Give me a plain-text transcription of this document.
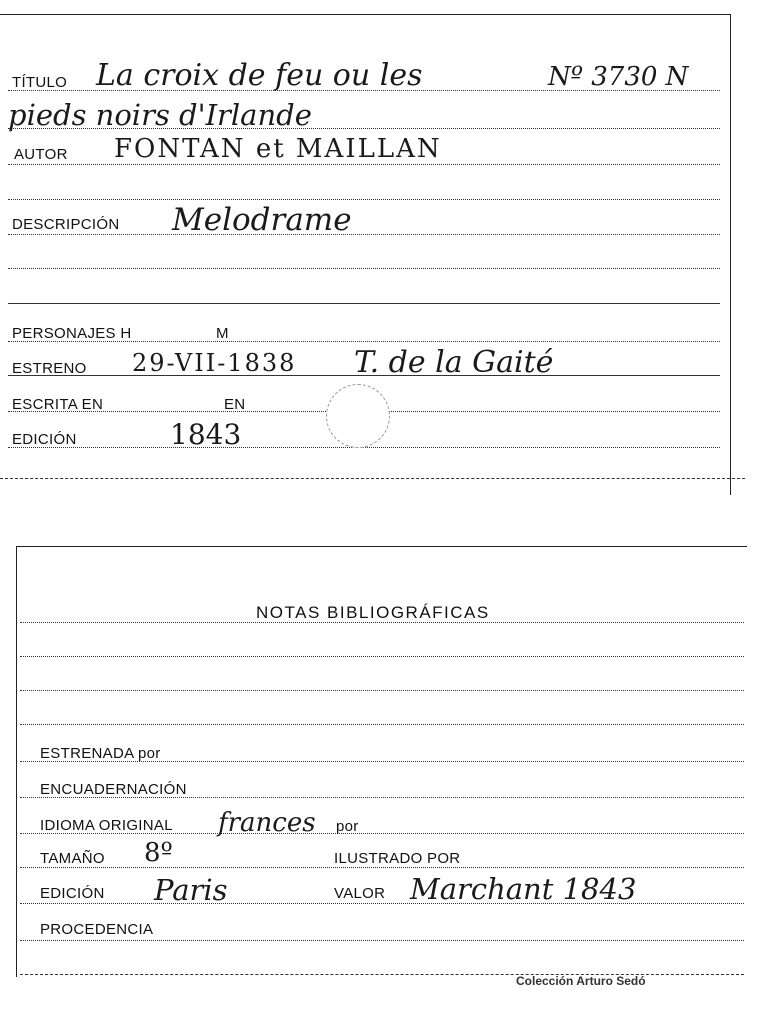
TÍTULO La croix de feu ou les	Nº 3730 N
pieds noirs d'Irlande
AUTOR FONTAN et MAILLAN
DESCRIPCIÓN Melodrame
PERSONAJES H	M
ESTRENO 29-VII-1838 T. de la Gaité
ESCRITA EN	EN
EDICIÓN	1843
NOTAS BIBLIOGRÁFICAS
ESTRENADA por
ENCUADERNACIÓN
IDIOMA ORIGINAL frances por
TAMAÑO 8º	ILUSTRADO POR
EDICIÓN Paris	VALOR Marchant 1843
PROCEDENCIA
Colección Arturo Sedó
